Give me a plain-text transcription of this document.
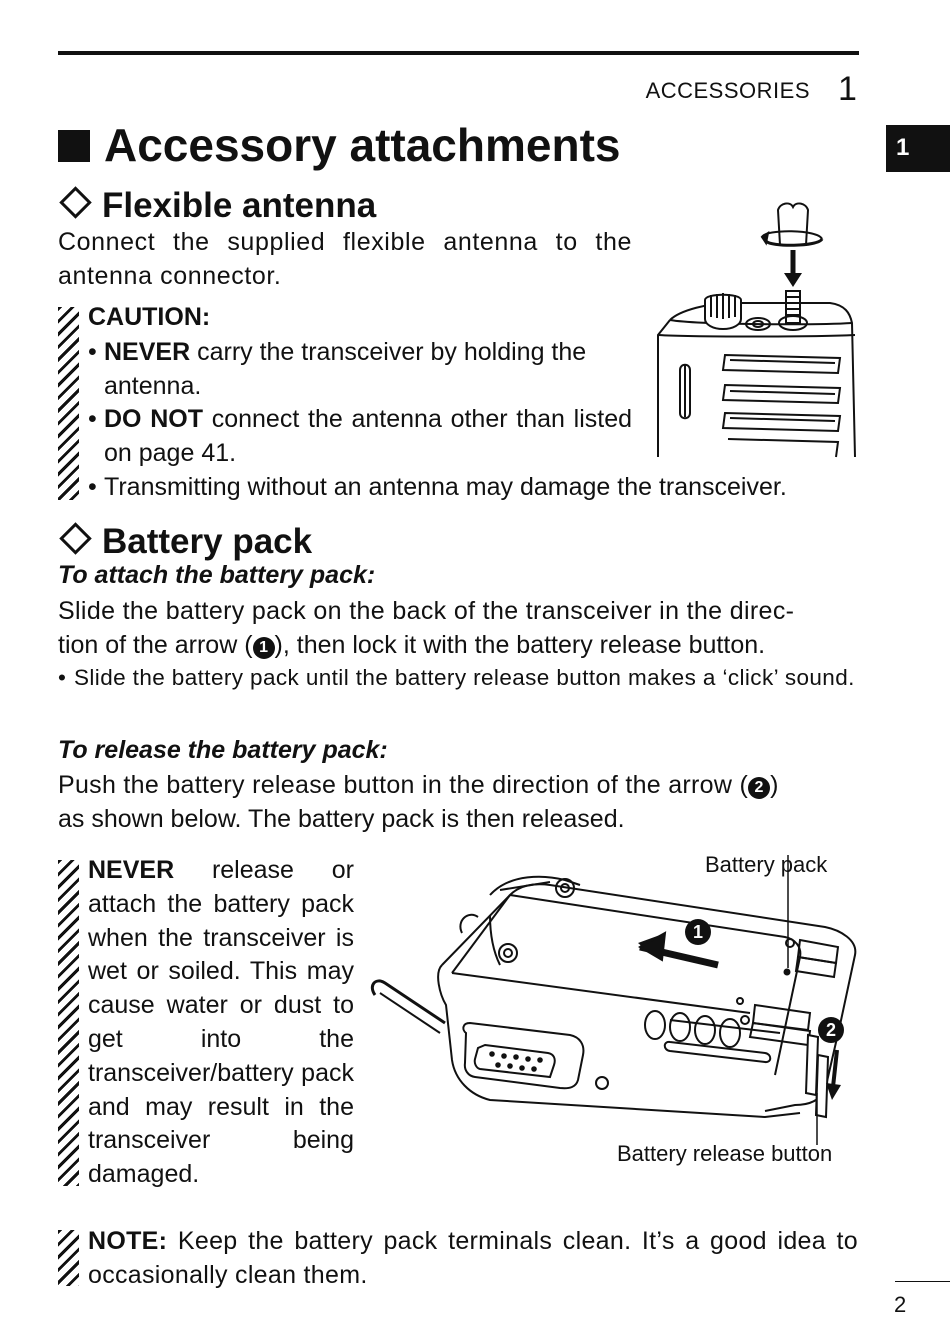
ACCESSORIES 1
1
Accessory attachments
Flexible antenna
Connect the supplied flexible antenna to the antenna connector.
CAUTION:
• NEVER carry the transceiver by holding the antenna.
• DO NOT connect the antenna other than listed on page 41.
• Transmitting without an antenna may damage the transceiver.
Battery pack
To attach the battery pack:
Slide the battery pack on the back of the transceiver in the direc-
tion of the arrow ( 1 ), then lock it with the battery release button.
• Slide the battery pack until the battery release button makes a ‘click’ sound.
To release the battery pack:
Push the battery release button in the direction of the arrow ( 2 )
as shown below. The battery pack is then released.
NEVER release or attach the battery pack when the transceiver is wet or soiled. This may cause water or dust to get into the transceiver/battery pack and may result in the transceiver being damaged.
Battery pack
Battery release button
1
2
NOTE: Keep the battery pack terminals clean. It’s a good idea to occasionally clean them.
2
